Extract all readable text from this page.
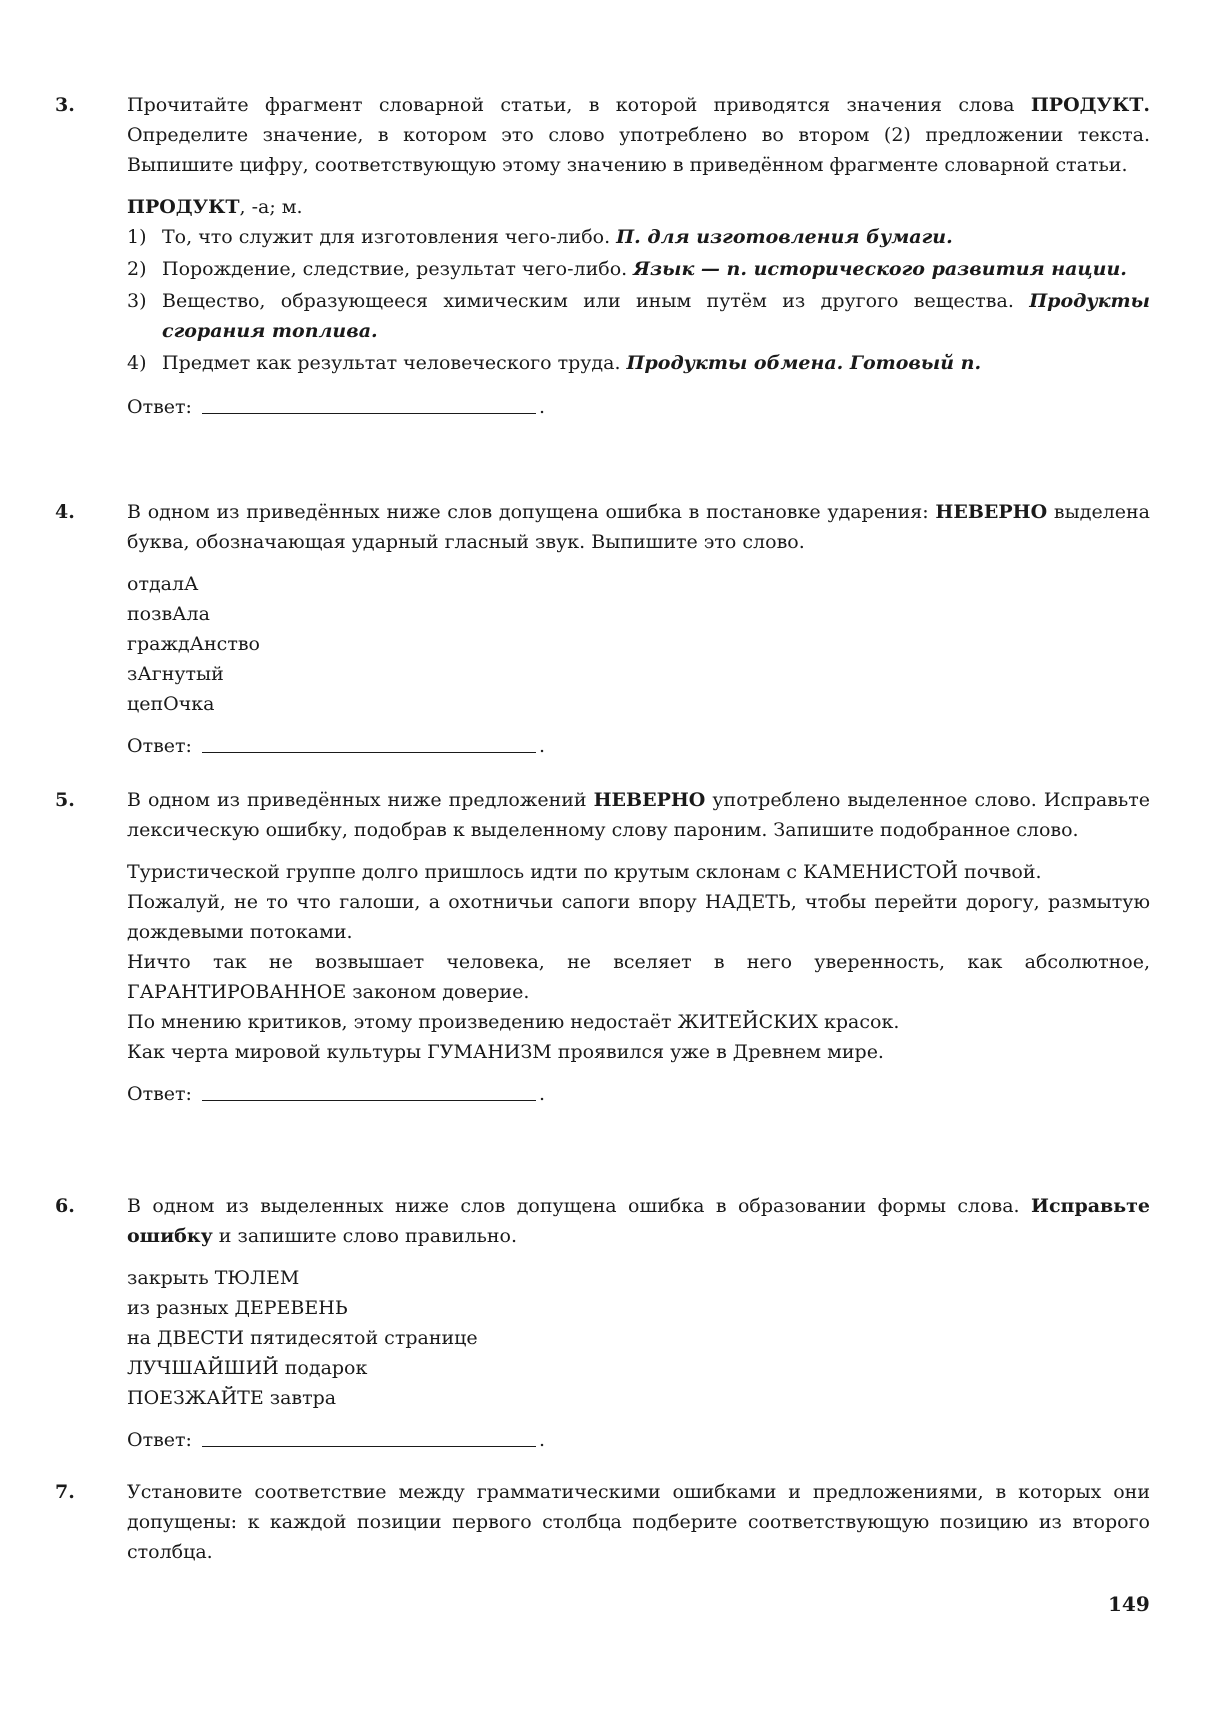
3.	Прочитайте фрагмент словарной статьи, в которой приводятся значения слова ПРОДУКТ. Определите значение, в котором это слово употреблено во втором (2) предложении текста. Выпишите цифру, соответствующую этому значению в приведённом фрагменте словарной статьи.

ПРОДУКТ, -а; м.

1) То, что служит для изготовления чего-либо. П. для изготовления бумаги.
2) Порождение, следствие, результат чего-либо. Язык — п. исторического развития нации.
3) Вещество, образующееся химическим или иным путём из другого вещества. Продукты сгорания топлива.
4) Предмет как результат человеческого труда. Продукты обмена. Готовый п.
Ответ:	.
4.	В одном из приведённых ниже слов допущена ошибка в постановке ударения: НЕВЕРНО выделена буква, обозначающая ударный гласный звук. Выпишите это слово.

отдалА
позвАла
граждАнство
зАгнутый
цепОчка
Ответ:	.
5.	В одном из приведённых ниже предложений НЕВЕРНО употреблено выделенное слово. Исправьте лексическую ошибку, подобрав к выделенному слову пароним. Запишите подобранное слово.

Туристической группе долго пришлось идти по крутым склонам с КАМЕНИСТОЙ почвой.

Пожалуй, не то что галоши, а охотничьи сапоги впору НАДЕТЬ, чтобы перейти дорогу, размытую дождевыми потоками.

Ничто так не возвышает человека, не вселяет в него уверенность, как абсолютное, ГАРАНТИРОВАННОЕ законом доверие.

По мнению критиков, этому произведению недостаёт ЖИТЕЙСКИХ красок.

Как черта мировой культуры ГУМАНИЗМ проявился уже в Древнем мире.

Ответ:	.
6.	В одном из выделенных ниже слов допущена ошибка в образовании формы слова. Исправьте ошибку и запишите слово правильно.

закрыть ТЮЛЕМ
из разных ДЕРЕВЕНЬ
на ДВЕСТИ пятидесятой странице
ЛУЧШАЙШИЙ подарок
ПОЕЗЖАЙТЕ завтра
Ответ:	.
7.	Установите соответствие между грамматическими ошибками и предложениями, в которых они допущены: к каждой позиции первого столбца подберите соответствующую позицию из второго столбца.

149
